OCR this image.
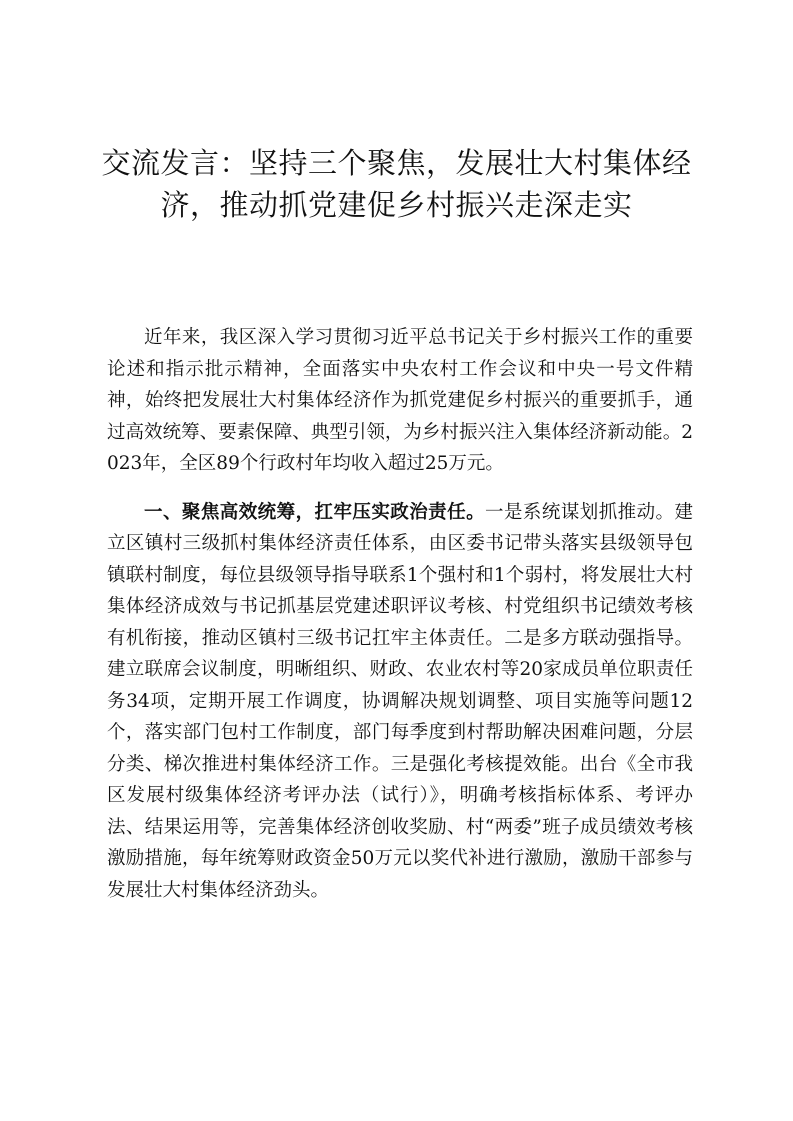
交流发言：坚持三个聚焦，发展壮大村集体经
济，推动抓党建促乡村振兴走深走实

近年来，我区深入学习贯彻习近平总书记关于乡村振兴工作的重要论述和指示批示精神，全面落实中央农村工作会议和中央一号文件精神，始终把发展壮大村集体经济作为抓党建促乡村振兴的重要抓手，通过高效统筹、要素保障、典型引领，为乡村振兴注入集体经济新动能。2023年，全区89个行政村年均收入超过25万元。

一、聚焦高效统筹，扛牢压实政治责任。一是系统谋划抓推动。建立区镇村三级抓村集体经济责任体系，由区委书记带头落实县级领导包镇联村制度，每位县级领导指导联系1个强村和1个弱村，将发展壮大村集体经济成效与书记抓基层党建述职评议考核、村党组织书记绩效考核有机衔接，推动区镇村三级书记扛牢主体责任。二是多方联动强指导。建立联席会议制度，明晰组织、财政、农业农村等20家成员单位职责任务34项，定期开展工作调度，协调解决规划调整、项目实施等问题12个，落实部门包村工作制度，部门每季度到村帮助解决困难问题，分层分类、梯次推进村集体经济工作。三是强化考核提效能。出台《全市我区发展村级集体经济考评办法（试行）》，明确考核指标体系、考评办法、结果运用等，完善集体经济创收奖励、村“两委”班子成员绩效考核激励措施，每年统筹财政资金50万元以奖代补进行激励，激励干部参与发展壮大村集体经济劲头。
